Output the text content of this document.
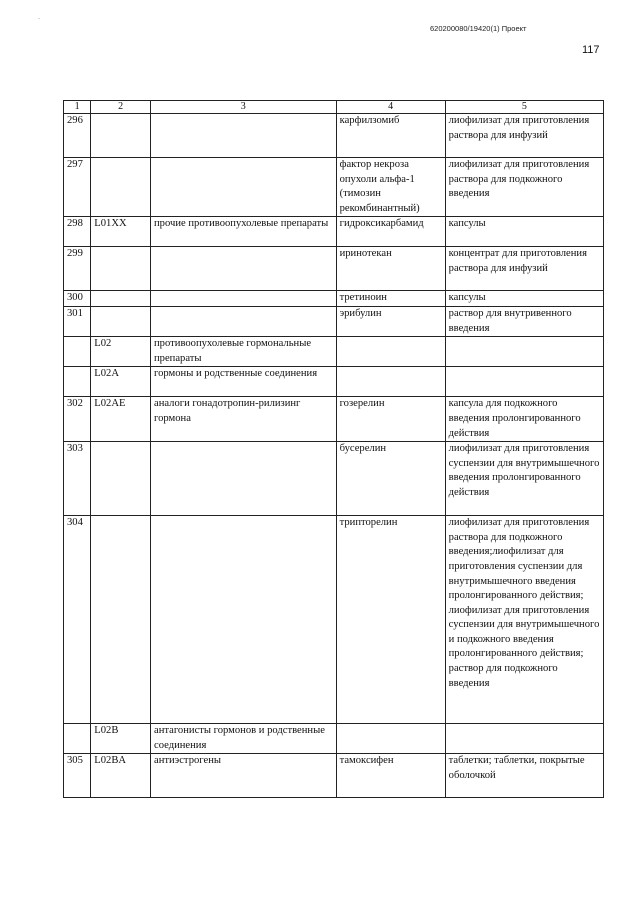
.
620200080/19420(1) Проект
117
1	2	3	4	5
296			карфилзомиб	лиофилизат для приготовления раствора для инфузий
297			фактор некроза опухоли альфа-1 (тимозин рекомбинантный)	лиофилизат для приготовления раствора для подкожного введения
298	L01XX	прочие противоопухолевые препараты	гидроксикарбамид	капсулы
299			иринотекан	концентрат для приготовления раствора для инфузий
300			третиноин	капсулы
301			эрибулин	раствор для внутривенного введения
	L02	противоопухолевые гормональные препараты		
	L02A	гормоны и родственные соединения		
302	L02AE	аналоги гонадотропин-рилизинг гормона	гозерелин	капсула для подкожного введения пролонгированного действия
303			бусерелин	лиофилизат для приготовления суспензии для внутримышечного введения пролонгированного действия
304			трипторелин	лиофилизат для приготовления раствора для подкожного введения;лиофилизат для приготовления суспензии для внутримышечного введения пролонгированного действия; лиофилизат для приготовления суспензии для внутримышечного и подкожного введения пролонгированного действия; раствор для подкожного введения
	L02B	антагонисты гормонов и родственные соединения		
305	L02BA	антиэстрогены	тамоксифен	таблетки; таблетки, покрытые оболочкой
